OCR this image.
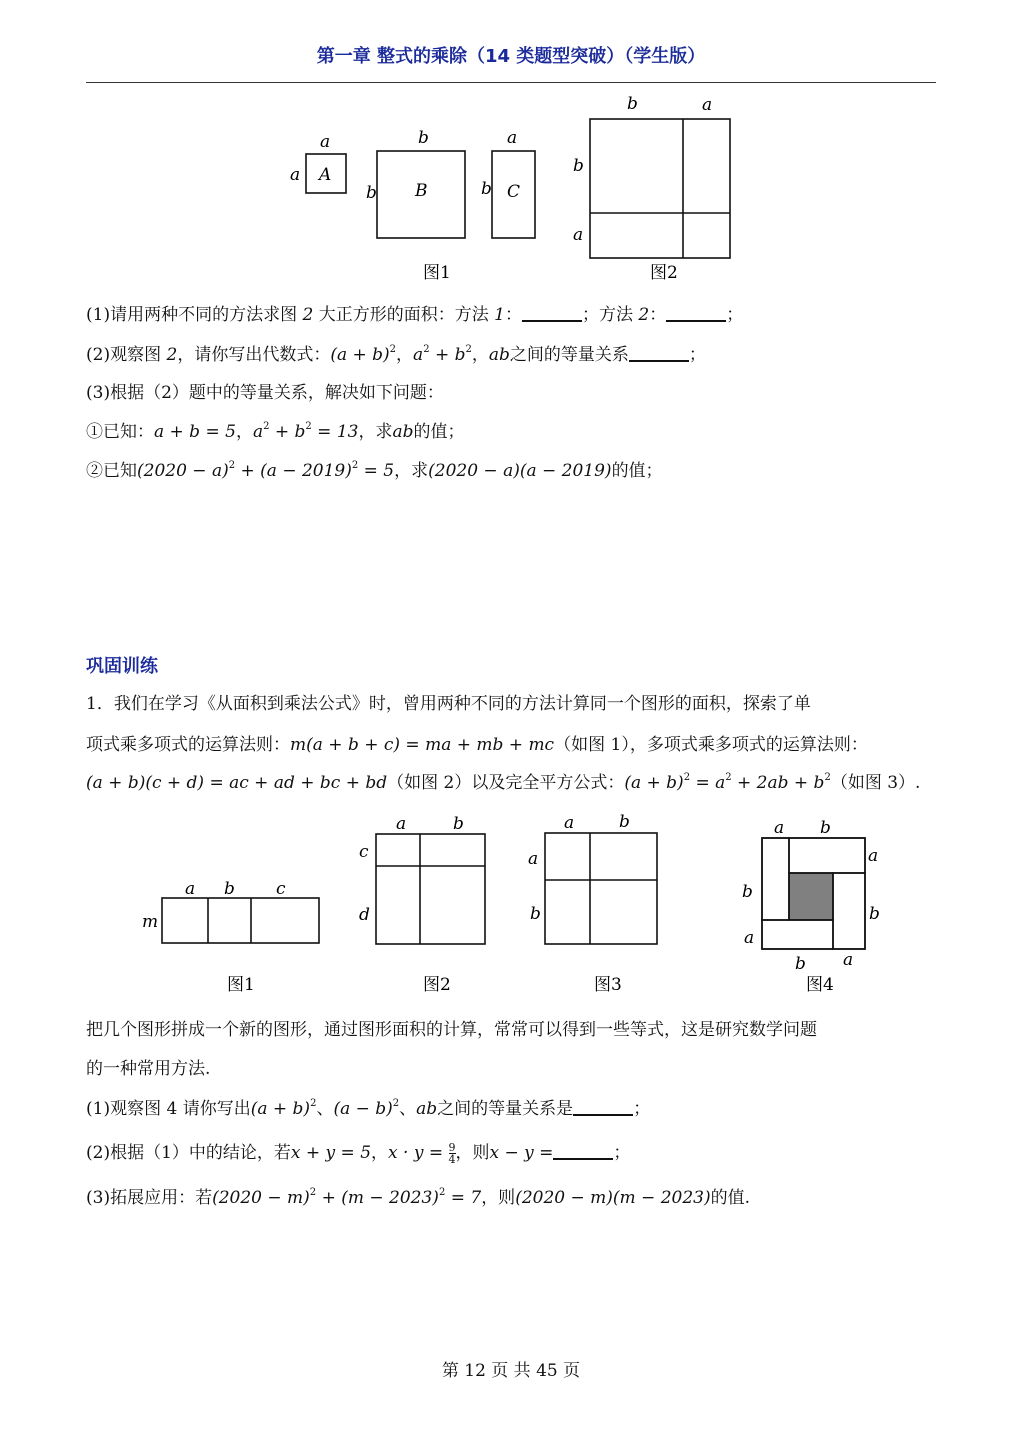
第一章 整式的乘除（14 类题型突破）（学生版）
a
a A
b
b B
a
b C
b	a
b
a
图1	图2
(1)请用两种不同的方法求图 2 大正方形的面积：方法 1：	；方法 2：	；
(2)观察图 2，请你写出代数式：$(a + b)^2$，$a^2 + b^2$，ab之间的等量关系	；
(3)根据（2）题中的等量关系，解决如下问题：
①已知：a + b = 5，$a^2 + b^2 = 13$，求ab的值；
②已知$(2020 - a)^2 + (a - 2019)^2 = 5$，求(2020 − a)(a − 2019)的值；
巩固训练
1．我们在学习《从面积到乘法公式》时，曾用两种不同的方法计算同一个图形的面积，探索了单
项式乘多项式的运算法则：m(a + b + c) = ma + mb + mc（如图 1），多项式乘多项式的运算法则：
(a + b)(c + d) = ac + ad + bc + bd（如图 2）以及完全平方公式：$(a + b)^2 = a^2 + 2ab + b^2$（如图 3）.
a b c
m
图1
a	b
c
d
图2
a	b
a
b
图3
a b
a
b
b
a
b a
图4
把几个图形拼成一个新的图形，通过图形面积的计算，常常可以得到一些等式，这是研究数学问题
的一种常用方法.
(1)观察图 4 请你写出$(a + b)^2$、$(a - b)^2$、ab之间的等量关系是	；
(2)根据（1）中的结论，若x + y = 5，$x \cdot y = \frac{9}{4}$ ，则x − y =	；
(3)拓展应用：若$(2020 - m)^2 + (m - 2023)^2 = 7$，则(2020 − m)(m − 2023)的值.
第 12 页 共 45 页
